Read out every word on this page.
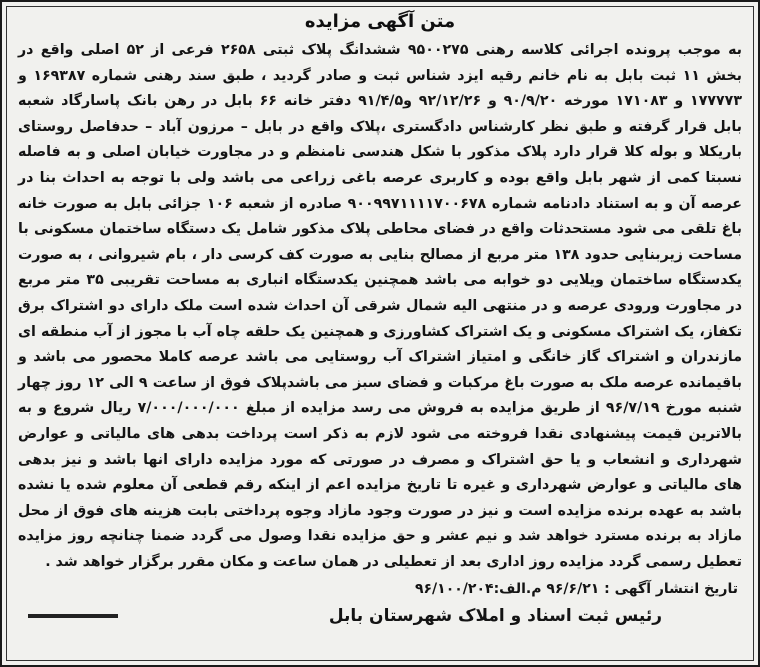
متن آگهی مزایده

به موجب پرونده اجرائی کلاسه رهنی ۹۵۰۰۲۷۵ ششدانگ پلاک ثبتی ۲۶۵۸ فرعی از ۵۲ اصلی واقع در بخش ۱۱ ثبت بابل به نام خانم رقیه ایزد شناس ثبت و صادر گردید ، طبق سند رهنی شماره ۱۶۹۳۸۷ و ۱۷۷۷۷۳ و ۱۷۱۰۸۳ مورخه ۹۰/۹/۲۰ و ۹۲/۱۲/۲۶ و۹۱/۴/۵ دفتر خانه ۶۶ بابل در رهن بانک پاسارگاد شعبه بابل قرار گرفته و طبق نظر کارشناس دادگستری ،پلاک واقع در بابل – مرزون آباد – حدفاصل روستای باریکلا و بوله کلا قرار دارد پلاک مذکور با شکل هندسی نامنظم و در مجاورت خیابان اصلی و به فاصله نسبتا کمی از شهر بابل واقع بوده و کاربری عرصه باغی زراعی می باشد ولی با توجه به احداث بنا در عرصه آن و به استناد دادنامه شماره ۹۰۰۹۹۷۱۱۱۱۷۰۰۶۷۸ صادره از شعبه ۱۰۶ جزائی بابل به صورت خانه باغ تلقی می شود مستحدثات واقع در فضای محاطی پلاک مذکور شامل یک دستگاه ساختمان مسکونی با مساحت زیربنایی حدود ۱۳۸ متر مربع از مصالح بنایی به صورت کف کرسی دار ، بام شیروانی ، به صورت یکدستگاه ساختمان ویلایی دو خوابه می باشد همچنین یکدستگاه انباری به مساحت تقریبی ۳۵ متر مربع در مجاورت ورودی عرصه و در منتهی الیه شمال شرقی آن احداث شده است ملک دارای دو اشتراک برق تکفاز، یک اشتراک مسکونی و یک اشتراک کشاورزی و همچنین یک حلقه چاه آب با مجوز از آب منطقه ای مازندران و اشتراک گاز خانگی و امتیاز اشتراک آب روستایی می باشد عرصه کاملا محصور می باشد و باقیمانده عرصه ملک به صورت باغ مرکبات و فضای سبز می باشدپلاک فوق از ساعت ۹ الی ۱۲ روز چهار شنبه مورخ ۹۶/۷/۱۹ از طریق مزایده به فروش می رسد مزایده از مبلغ ۷/۰۰۰/۰۰۰/۰۰۰ ریال شروع و به بالاترین قیمت پیشنهادی نقدا فروخته می شود لازم به ذکر است پرداخت بدهی های مالیاتی و عوارض شهرداری و انشعاب و یا حق اشتراک و مصرف در صورتی که مورد مزایده دارای انها باشد و نیز بدهی های مالیاتی و عوارض شهرداری و غیره تا تاریخ مزایده اعم از اینکه رقم قطعی آن معلوم شده یا نشده باشد به عهده برنده مزایده است و نیز در صورت وجود مازاد وجوه پرداختی بابت هزینه های فوق از محل مازاد به برنده مسترد خواهد شد و نیم عشر و حق مزایده نقدا وصول می گردد ضمنا چنانچه روز مزایده تعطیل رسمی گردد مزایده روز اداری بعد از تعطیلی در همان ساعت و مکان مقرر برگزار خواهد شد .

تاریخ انتشار آگهی : ۹۶/۶/۲۱ م.الف:۹۶/۱۰۰/۲۰۴
رئیس ثبت اسناد و املاک شهرستان بابل
